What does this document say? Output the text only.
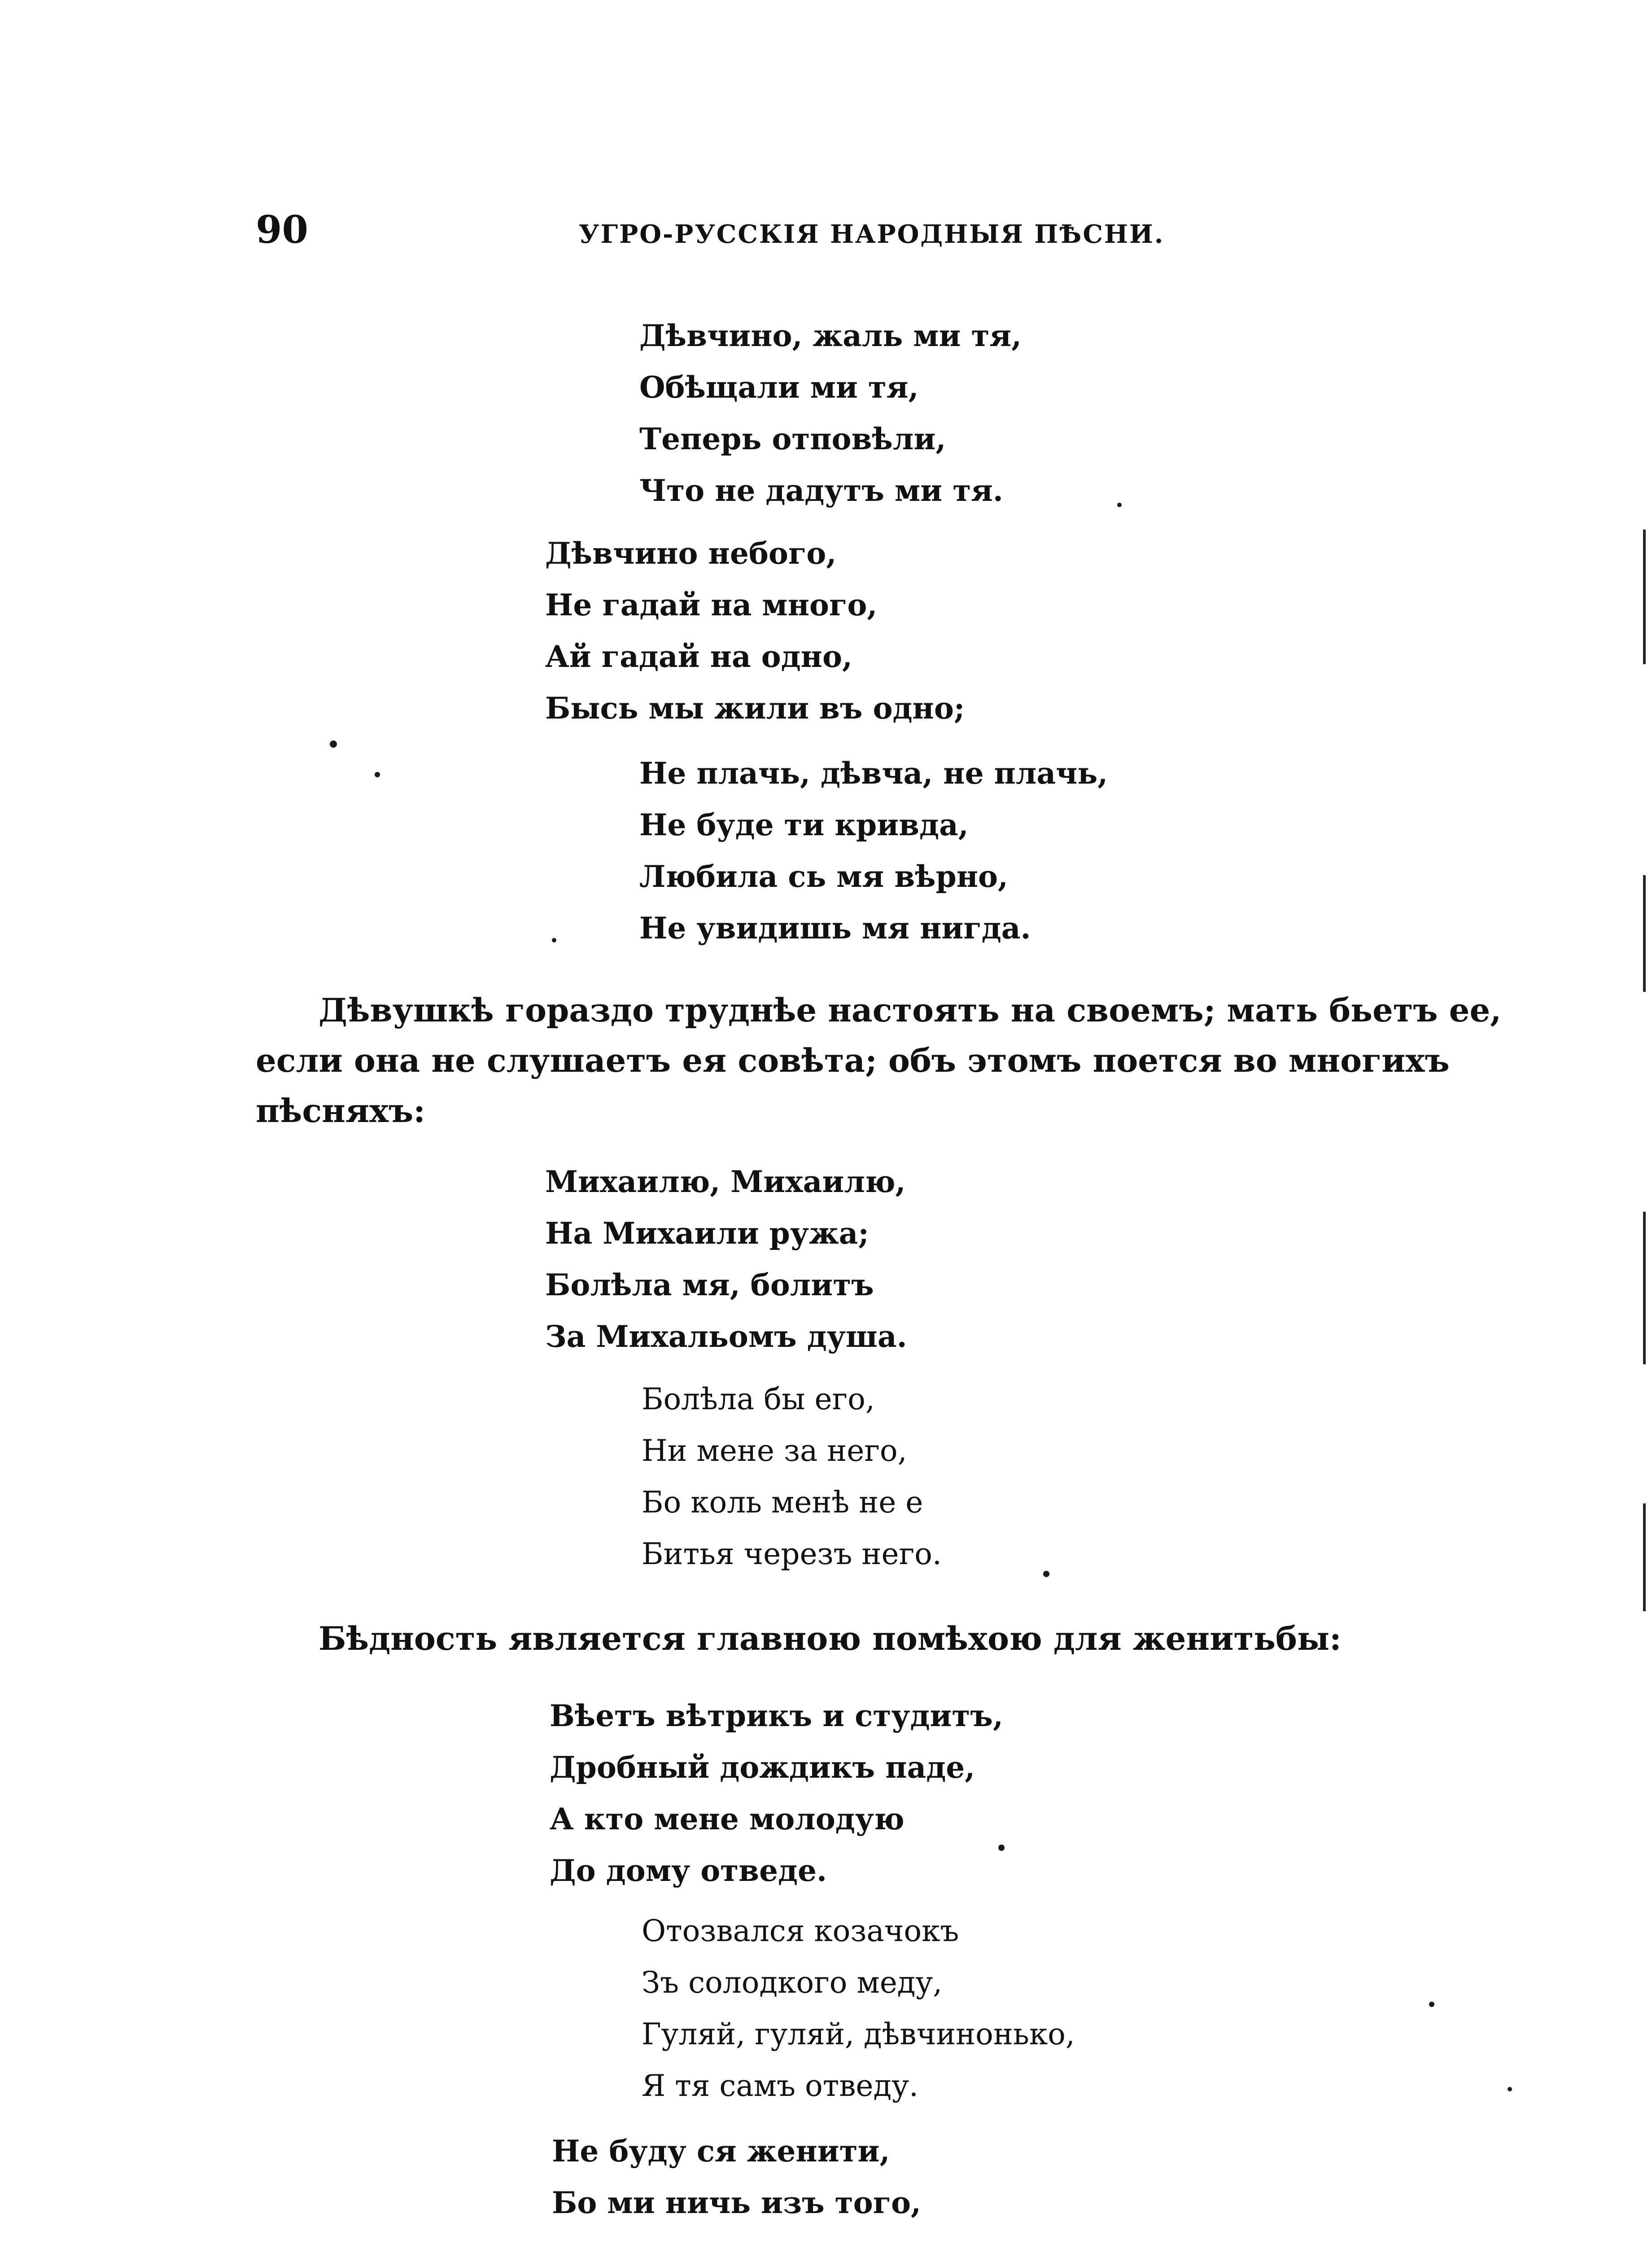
90	УГРО-РУССКІЯ НАРОДНЫЯ ПѢСНИ.
Дѣвчино, жаль ми тя,
Обѣщали ми тя,
Теперь отповѣли,
Что не дадутъ ми тя.
Дѣвчино небого,
Не гадай на много,
Ай гадай на одно,
Бысь мы жили въ одно;
Не плачь, дѣвча, не плачь,
Не буде ти кривда,
Любила сь мя вѣрно,
Не увидишь мя нигда.
Дѣвушкѣ гораздо труднѣе настоять на своемъ; мать бьетъ ее,
если она не слушаетъ ея совѣта; объ этомъ поется во многихъ
пѣсняхъ:
Михаилю, Михаилю,
На Михаили ружа;
Болѣла мя, болитъ
За Михальомъ душа.
Болѣла бы его,
Ни мене за него,
Бо коль менѣ не е
Битья черезъ него.
Бѣдность является главною помѣхою для женитьбы:
Вѣетъ вѣтрикъ и студитъ,
Дробный дождикъ паде,
А кто мене молодую
До дому отведе.
Отозвался козачокъ
Зъ солодкого меду,
Гуляй, гуляй, дѣвчинонько,
Я тя самъ отведу.
Не буду ся женити,
Бо ми ничь изъ того,
